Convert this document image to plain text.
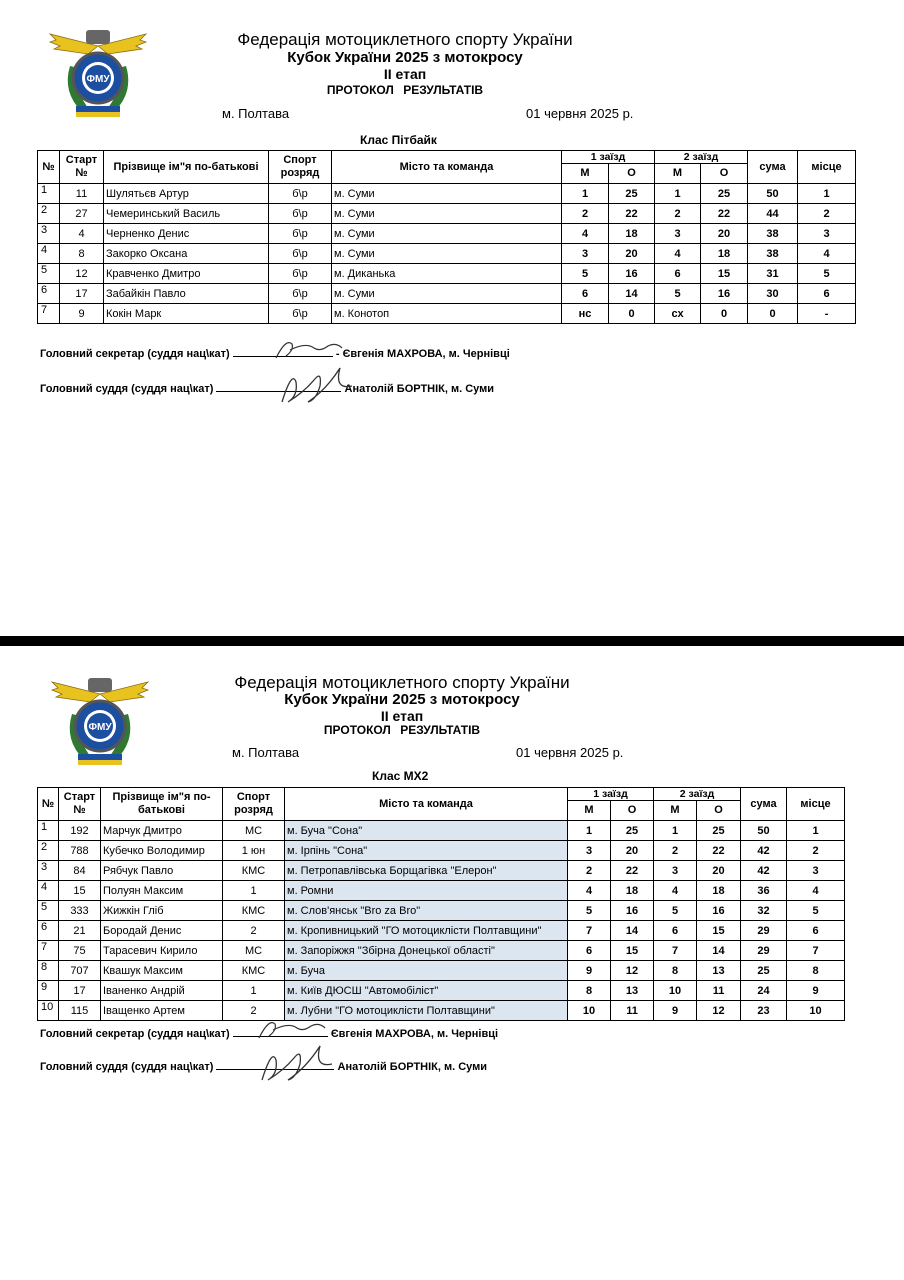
ФМУ
Федерація мотоциклетного спорту України
Кубок України 2025 з мотокросу
II етап
ПРОТОКОЛ РЕЗУЛЬТАТІВ
м. Полтава	01 червня 2025 р.
Клас Пітбайк
№	Старт №	Прізвище ім"я по-батькові	Спорт розряд	Місто та команда	1 заїзд		2 заїзд		сума	місце
					М	О	М	О		
1	11	Шулятьєв Артур	б\р	м. Суми	1	25	1	25	50	1
2	27	Чемеринський Василь	б\р	м. Суми	2	22	2	22	44	2
3	4	Черненко Денис	б\р	м. Суми	4	18	3	20	38	3
4	8	Закорко Оксана	б\р	м. Суми	3	20	4	18	38	4
5	12	Кравченко Дмитро	б\р	м. Диканька	5	16	6	15	31	5
6	17	Забайкін Павло	б\р	м. Суми	6	14	5	16	30	6
7	9	Кокін Марк	б\р	м. Конотоп	нс	0	сх	0	0	-
Головний секретар (суддя нац\кат)	- Євгенія МАХРОВА, м. Чернівці
Головний суддя (суддя нац\кат)	Анатолій БОРТНІК, м. Суми
ФМУ
Федерація мотоциклетного спорту України
Кубок України 2025 з мотокросу
II етап
ПРОТОКОЛ РЕЗУЛЬТАТІВ
м. Полтава	01 червня 2025 р.
Клас МХ2
№	Старт №	Прізвище ім"я по-батькові	Спорт розряд	Місто та команда	1 заїзд		2 заїзд		сума	місце
					М	О	М	О		
1	192	Марчук Дмитро	МС	м. Буча "Сона"	1	25	1	25	50	1
2	788	Кубечко Володимир	1 юн	м. Ірпінь "Сона"	3	20	2	22	42	2
3	84	Рябчук Павло	КМС	м. Петропавлівська Борщагівка "Елерон"	2	22	3	20	42	3
4	15	Полуян Максим	1	м. Ромни	4	18	4	18	36	4
5	333	Жижкін Гліб	КМС	м. Слов'янськ "Bro za Bro"	5	16	5	16	32	5
6	21	Бородай Денис	2	м. Кропивницький "ГО мотоциклісти Полтавщини"	7	14	6	15	29	6
7	75	Тарасевич Кирило	МС	м. Запоріжжя "Збірна Донецької області"	6	15	7	14	29	7
8	707	Квашук Максим	КМС	м. Буча	9	12	8	13	25	8
9	17	Іваненко Андрій	1	м. Київ ДЮСШ "Автомобіліст"	8	13	10	11	24	9
10	115	Іващенко Артем	2	м. Лубни "ГО мотоциклісти Полтавщини"	10	11	9	12	23	10
Головний секретар (суддя нац\кат)	Євгенія МАХРОВА, м. Чернівці
Головний суддя (суддя нац\кат)	Анатолій БОРТНІК, м. Суми
